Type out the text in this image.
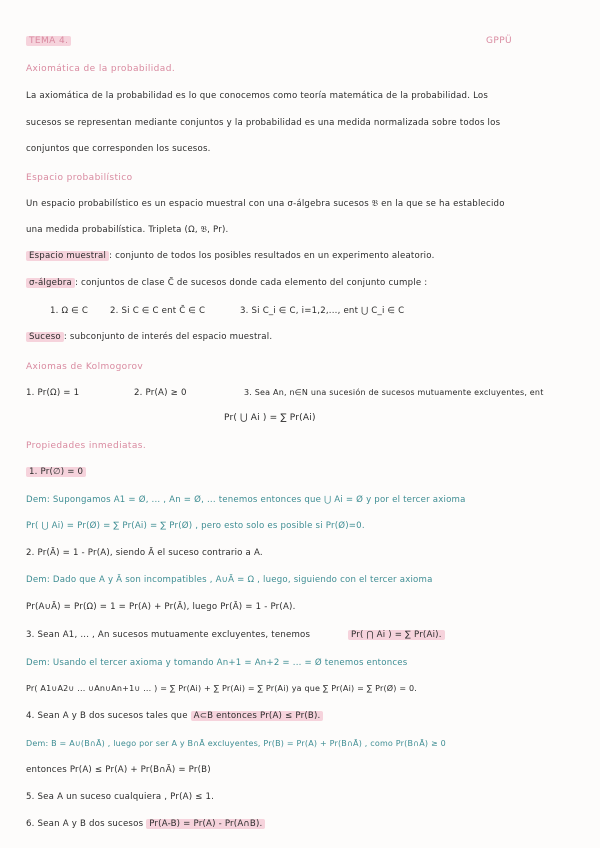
TEMA 4.	GPPÜ
Axiomática de la probabilidad.
La axiomática de la probabilidad es lo que conocemos como teoría matemática de la probabilidad. Los
sucesos se representan mediante conjuntos y la probabilidad es una medida normalizada sobre todos los
conjuntos que corresponden los sucesos.
Espacio probabilístico
Un espacio probabilístico es un espacio muestral con una σ-álgebra sucesos 𝔅 en la que se ha establecido
una medida probabilística. Tripleta (Ω, 𝔅, Pr).
Espacio muestral : conjunto de todos los posibles resultados en un experimento aleatorio.
σ-álgebra : conjuntos de clase C̃ de sucesos donde cada elemento del conjunto cumple :
1. Ω ∈ C	2. Si C ∈ C ent C̄ ∈ C	3. Si C_i ∈ C, i=1,2,..., ent ⋃ C_i ∈ C
Suceso : subconjunto de interés del espacio muestral.
Axiomas de Kolmogorov
1. Pr(Ω) = 1	2. Pr(A) ≥ 0	3. Sea An, n∈N una sucesión de sucesos mutuamente excluyentes, ent
Pr( ⋃ Ai ) = ∑ Pr(Ai)
Propiedades inmediatas.
1. Pr(∅) = 0
Dem: Supongamos A1 = Ø, ... , An = Ø, ... tenemos entonces que ⋃ Ai = Ø y por el tercer axioma
Pr( ⋃ Ai) = Pr(Ø) = ∑ Pr(Ai) = ∑ Pr(Ø) , pero esto solo es posible si Pr(Ø)=0.
2. Pr(Ā) = 1 - Pr(A), siendo Ā el suceso contrario a A.
Dem: Dado que A y Ā son incompatibles , A∪Ā = Ω , luego, siguiendo con el tercer axioma
Pr(A∪Ā) = Pr(Ω) = 1 = Pr(A) + Pr(Ā), luego Pr(Ā) = 1 - Pr(A).
3. Sean A1, ... , An sucesos mutuamente excluyentes, tenemos	Pr( ⋂ Ai ) = ∑ Pr(Ai).
Dem: Usando el tercer axioma y tomando An+1 = An+2 = ... = Ø tenemos entonces
Pr( A1∪A2∪ ... ∪An∪An+1∪ ... ) = ∑ Pr(Ai) + ∑ Pr(Ai) = ∑ Pr(Ai) ya que ∑ Pr(Ai) = ∑ Pr(Ø) = 0.
4. Sean A y B dos sucesos tales que A⊂B entonces Pr(A) ≤ Pr(B).
Dem: B = A∪(B∩Ā) , luego por ser A y B∩Ā excluyentes, Pr(B) = Pr(A) + Pr(B∩Ā) , como Pr(B∩Ā) ≥ 0
entonces Pr(A) ≤ Pr(A) + Pr(B∩Ā) = Pr(B)
5. Sea A un suceso cualquiera , Pr(A) ≤ 1.
6. Sean A y B dos sucesos Pr(A-B) = Pr(A) - Pr(A∩B).
